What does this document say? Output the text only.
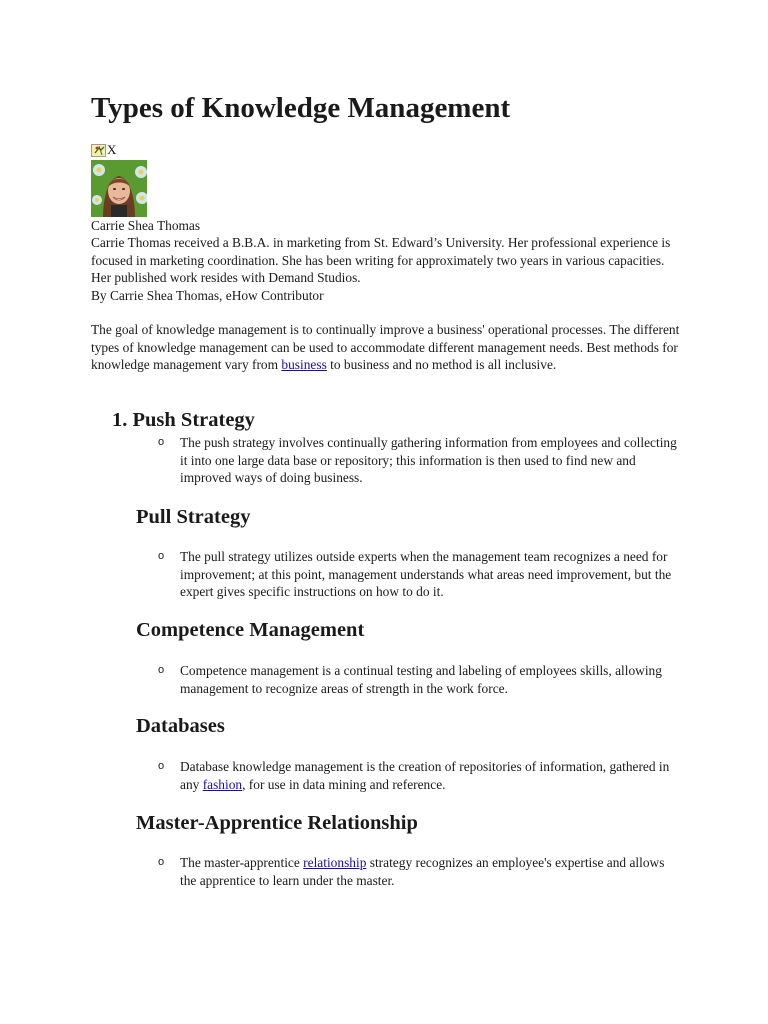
Types of Knowledge Management
X

Carrie Shea Thomas

Carrie Thomas received a B.B.A. in marketing from St. Edward’s University. Her professional experience is focused in marketing coordination. She has been writing for approximately two years in various capacities. Her published work resides with Demand Studios.

By Carrie Shea Thomas, eHow Contributor

The goal of knowledge management is to continually improve a business' operational processes. The different types of knowledge management can be used to accommodate different management needs. Best methods for knowledge management vary from business to business and no method is all inclusive.

1. Push Strategy
o The push strategy involves continually gathering information from employees and collecting it into one large data base or repository; this information is then used to find new and improved ways of doing business.
Pull Strategy
o The pull strategy utilizes outside experts when the management team recognizes a need for improvement; at this point, management understands what areas need improvement, but the expert gives specific instructions on how to do it.
Competence Management
o Competence management is a continual testing and labeling of employees skills, allowing management to recognize areas of strength in the work force.
Databases
o Database knowledge management is the creation of repositories of information, gathered in any fashion, for use in data mining and reference.
Master-Apprentice Relationship
o The master-apprentice relationship strategy recognizes an employee's expertise and allows the apprentice to learn under the master.
